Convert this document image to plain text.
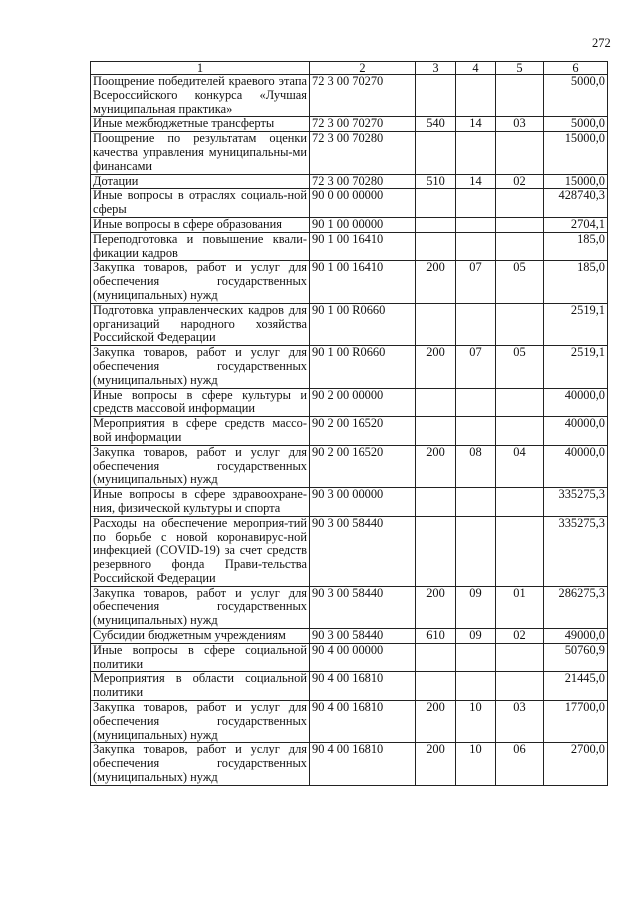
272
1	2	3	4	5	6
Поощрение победителей краевого этапа Всероссийского конкурса «Лучшая муниципальная практика»	72 3 00 70270				5000,0
Иные межбюджетные трансферты	72 3 00 70270	540	14	03	5000,0
Поощрение по результатам оценки качества управления муниципальны-ми финансами	72 3 00 70280				15000,0
Дотации	72 3 00 70280	510	14	02	15000,0
Иные вопросы в отраслях социаль-ной сферы	90 0 00 00000				428740,3
Иные вопросы в сфере образования	90 1 00 00000				2704,1
Переподготовка и повышение квали-фикации кадров	90 1 00 16410				185,0
Закупка товаров, работ и услуг для обеспечения государственных (муниципальных) нужд	90 1 00 16410	200	07	05	185,0
Подготовка управленческих кадров для организаций народного хозяйства Российской Федерации	90 1 00 R0660				2519,1
Закупка товаров, работ и услуг для обеспечения государственных (муниципальных) нужд	90 1 00 R0660	200	07	05	2519,1
Иные вопросы в сфере культуры и средств массовой информации	90 2 00 00000				40000,0
Мероприятия в сфере средств массо-вой информации	90 2 00 16520				40000,0
Закупка товаров, работ и услуг для обеспечения государственных (муниципальных) нужд	90 2 00 16520	200	08	04	40000,0
Иные вопросы в сфере здравоохране-ния, физической культуры и спорта	90 3 00 00000				335275,3
Расходы на обеспечение мероприя-тий по борьбе с новой коронавирус-ной инфекцией (COVID-19) за счет средств резервного фонда Прави-тельства Российской Федерации	90 3 00 58440				335275,3
Закупка товаров, работ и услуг для обеспечения государственных (муниципальных) нужд	90 3 00 58440	200	09	01	286275,3
Субсидии бюджетным учреждениям	90 3 00 58440	610	09	02	49000,0
Иные вопросы в сфере социальной политики	90 4 00 00000				50760,9
Мероприятия в области социальной политики	90 4 00 16810				21445,0
Закупка товаров, работ и услуг для обеспечения государственных (муниципальных) нужд	90 4 00 16810	200	10	03	17700,0
Закупка товаров, работ и услуг для обеспечения государственных (муниципальных) нужд	90 4 00 16810	200	10	06	2700,0
